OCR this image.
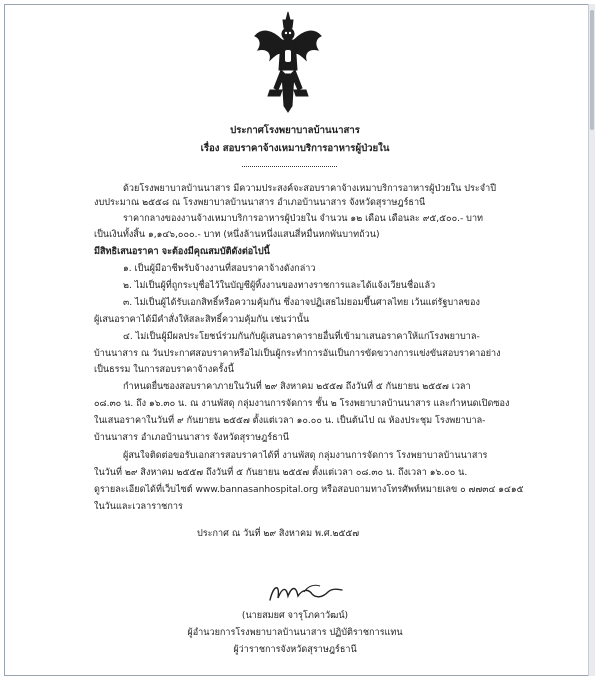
ประกาศโรงพยาบาลบ้านนาสาร
เรื่อง สอบราคาจ้างเหมาบริการอาหารผู้ป่วยใน
ด้วยโรงพยาบาลบ้านนาสาร มีความประสงค์จะสอบราคาจ้างเหมาบริการอาหารผู้ป่วยใน ประจำปี
งบประมาณ ๒๕๕๘ ณ โรงพยาบาลบ้านนาสาร อำเภอบ้านนาสาร จังหวัดสุราษฎร์ธานี
ราคากลางของงานจ้างเหมาบริการอาหารผู้ป่วยใน จำนวน ๑๒ เดือน เดือนละ ๙๕,๕๐๐.- บาท
เป็นเงินทั้งสิ้น ๑,๑๔๖,๐๐๐.- บาท (หนึ่งล้านหนึ่งแสนสี่หมื่นหกพันบาทถ้วน)
มีสิทธิเสนอราคา จะต้องมีคุณสมบัติดังต่อไปนี้
๑. เป็นผู้มีอาชีพรับจ้างงานที่สอบราคาจ้างดังกล่าว
๒. ไม่เป็นผู้ที่ถูกระบุชื่อไว้ในบัญชีผู้ทิ้งงานของทางราชการและได้แจ้งเวียนชื่อแล้ว
๓. ไม่เป็นผู้ได้รับเอกสิทธิ์หรือความคุ้มกัน ซึ่งอาจปฏิเสธไม่ยอมขึ้นศาลไทย เว้นแต่รัฐบาลของ
ผู้เสนอราคาได้มีคำสั่งให้สละสิทธิ์ความคุ้มกัน เช่นว่านั้น
๔. ไม่เป็นผู้มีผลประโยชน์ร่วมกันกับผู้เสนอราคารายอื่นที่เข้ามาเสนอราคาให้แก่โรงพยาบาล-
บ้านนาสาร ณ วันประกาศสอบราคาหรือไม่เป็นผู้กระทำการอันเป็นการขัดขวางการแข่งขันสอบราคาอย่าง
เป็นธรรม ในการสอบราคาจ้างครั้งนี้
กำหนดยื่นซองสอบราคาภายในวันที่ ๒๙ สิงหาคม ๒๕๕๗ ถึงวันที่ ๕ กันยายน ๒๕๕๗ เวลา
๐๘.๓๐ น. ถึง ๑๖.๓๐ น. ณ งานพัสดุ กลุ่มงานการจัดการ ชั้น ๒ โรงพยาบาลบ้านนาสาร และกำหนดเปิดซอง
ในเสนอราคาในวันที่ ๙ กันยายน ๒๕๕๗ ตั้งแต่เวลา ๑๐.๐๐ น. เป็นต้นไป ณ ห้องประชุม โรงพยาบาล-
บ้านนาสาร อำเภอบ้านนาสาร จังหวัดสุราษฎร์ธานี
ผู้สนใจติดต่อขอรับเอกสารสอบราคาได้ที่ งานพัสดุ กลุ่มงานการจัดการ โรงพยาบาลบ้านนาสาร
ในวันที่ ๒๙ สิงหาคม ๒๕๕๗ ถึงวันที่ ๕ กันยายน ๒๕๕๗ ตั้งแต่เวลา ๐๘.๓๐ น. ถึงเวลา ๑๖.๐๐ น.
ดูรายละเอียดได้ที่เว็บไซต์ www.bannasanhospital.org หรือสอบถามทางโทรศัพท์หมายเลข ๐ ๗๗๓๔ ๑๔๑๕
ในวันและเวลาราชการ
ประกาศ ณ วันที่ ๒๙ สิงหาคม พ.ศ.๒๕๕๗
(นายสมยศ จารุโภคาวัฒน์)
ผู้อำนวยการโรงพยาบาลบ้านนาสาร ปฏิบัติราชการแทน
ผู้ว่าราชการจังหวัดสุราษฎร์ธานี
